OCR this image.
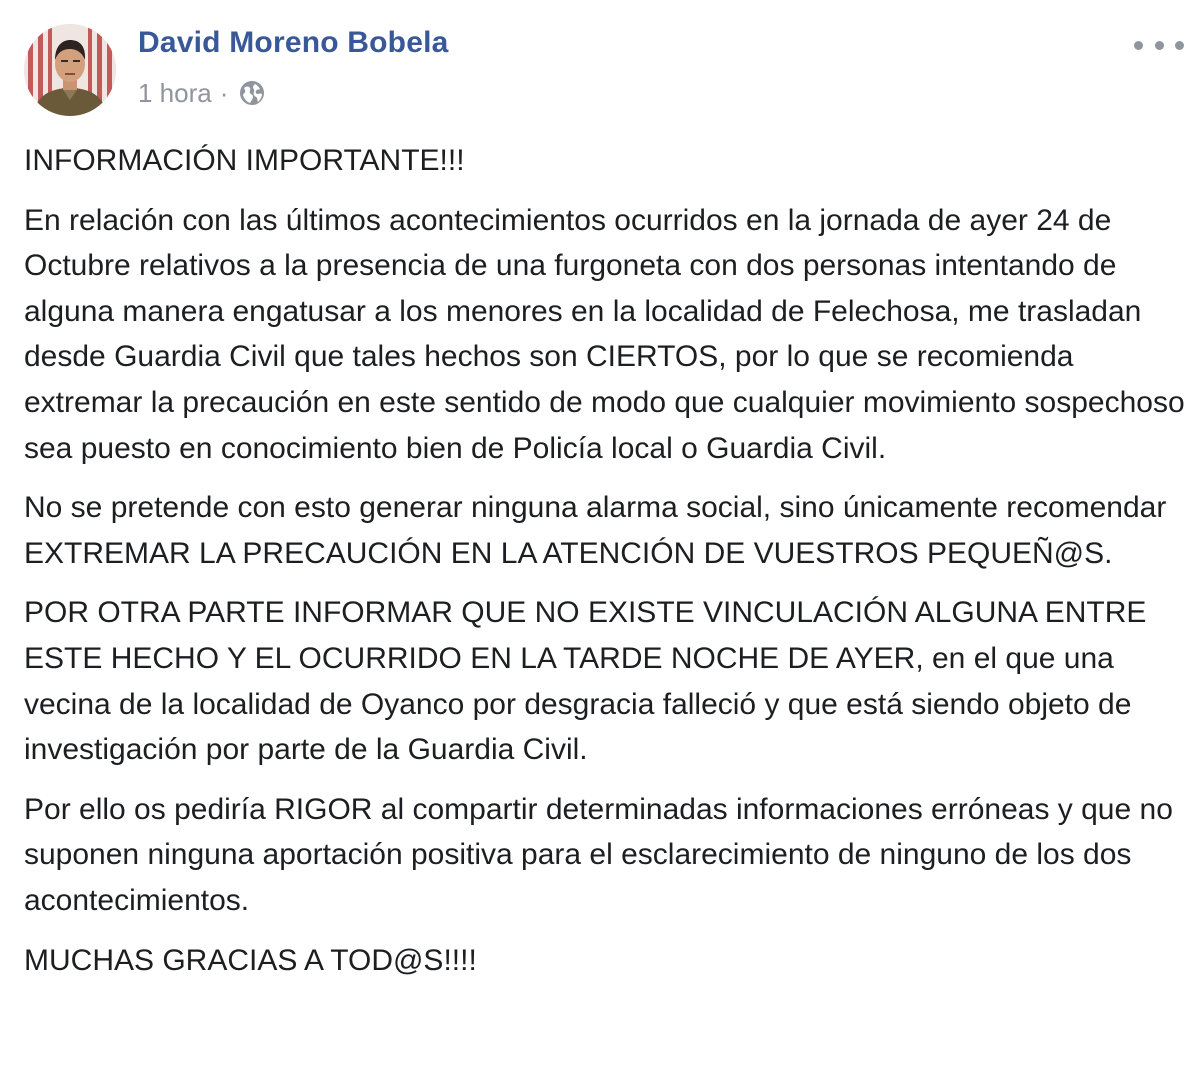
David Moreno Bobela
1 hora ·

INFORMACIÓN IMPORTANTE!!!

En relación con las últimos acontecimientos ocurridos en la jornada de ayer 24 de Octubre relativos a la presencia de una furgoneta con dos personas intentando de alguna manera engatusar a los menores en la localidad de Felechosa, me trasladan desde Guardia Civil que tales hechos son CIERTOS, por lo que se recomienda extremar la precaución en este sentido de modo que cualquier movimiento sospechoso sea puesto en conocimiento bien de Policía local o Guardia Civil.

No se pretende con esto generar ninguna alarma social, sino únicamente recomendar EXTREMAR LA PRECAUCIÓN EN LA ATENCIÓN DE VUESTROS PEQUEÑ@S.

POR OTRA PARTE INFORMAR QUE NO EXISTE VINCULACIÓN ALGUNA ENTRE ESTE HECHO Y EL OCURRIDO EN LA TARDE NOCHE DE AYER, en el que una vecina de la localidad de Oyanco por desgracia falleció y que está siendo objeto de investigación por parte de la Guardia Civil.

Por ello os pediría RIGOR al compartir determinadas informaciones erróneas y que no suponen ninguna aportación positiva para el esclarecimiento de ninguno de los dos acontecimientos.

MUCHAS GRACIAS A TOD@S!!!!
